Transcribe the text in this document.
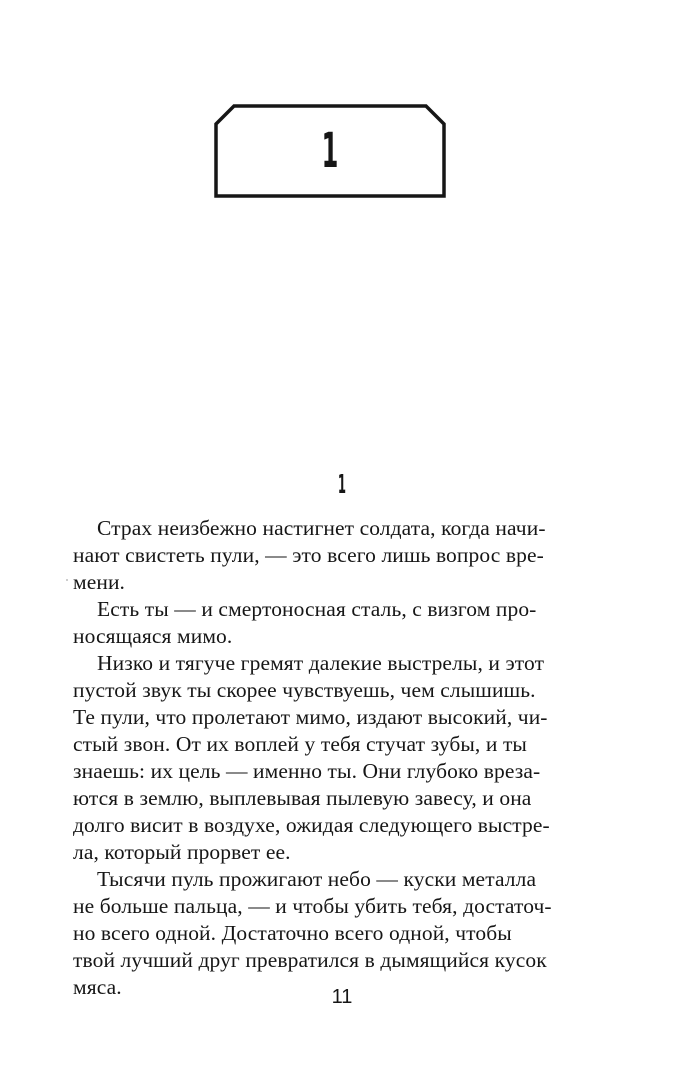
1
1
Страх неизбежно настигнет солдата, когда начи-
нают свистеть пули, — это всего лишь вопрос вре-
мени.
Есть ты — и смертоносная сталь, с визгом про-
носящаяся мимо.
Низко и тягуче гремят далекие выстрелы, и этот
пустой звук ты скорее чувствуешь, чем слышишь.
Те пули, что пролетают мимо, издают высокий, чи-
стый звон. От их воплей у тебя стучат зубы, и ты
знаешь: их цель — именно ты. Они глубоко вреза-
ются в землю, выплевывая пылевую завесу, и она
долго висит в воздухе, ожидая следующего выстре-
ла, который прорвет ее.
Тысячи пуль прожигают небо — куски металла
не больше пальца, — и чтобы убить тебя, достаточ-
но всего одной. Достаточно всего одной, чтобы
твой лучший друг превратился в дымящийся кусок
мяса.	11
